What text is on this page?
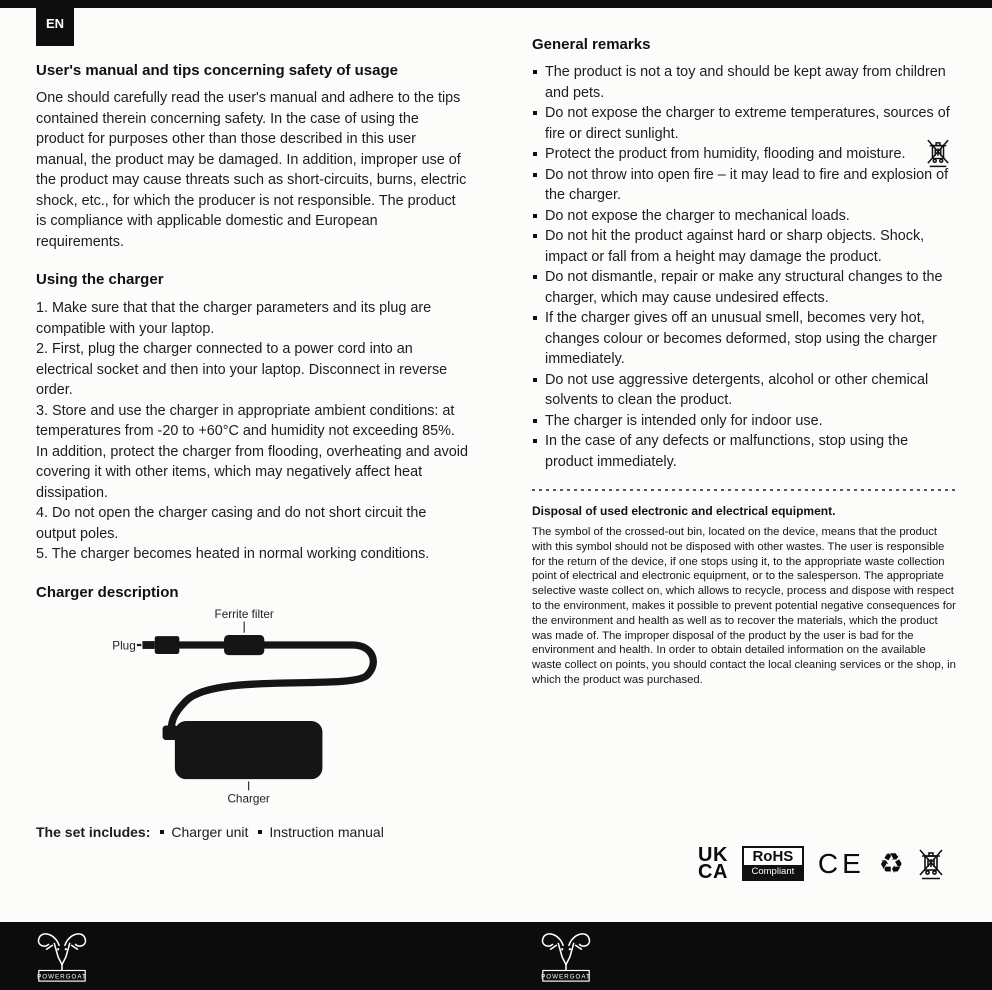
EN
User's manual and tips concerning safety of usage

One should carefully read the user's manual and adhere to the tips contained therein concerning safety. In the case of using the product for purposes other than those described in this user manual, the product may be damaged. In addition, improper use of the product may cause threats such as short-circuits, burns, electric shock, etc., for which the producer is not responsible. The product is compliance with applicable domestic and European requirements.

Using the charger

1. Make sure that that the charger parameters and its plug are compatible with your laptop.

2. First, plug the charger connected to a power cord into an electrical socket and then into your laptop. Disconnect in reverse order.

3. Store and use the charger in appropriate ambient conditions: at temperatures from -20 to +60°C and humidity not exceeding 85%. In addition, protect the charger from flooding, overheating and avoid covering it with other items, which may negatively affect heat dissipation.

4. Do not open the charger casing and do not short circuit the output poles.

5. The charger becomes heated in normal working conditions.

Charger description
Ferrite filter
Plug
Charger
The set includes:	Charger unit	Instruction manual
General remarks
The product is not a toy and should be kept away from children and pets.
Do not expose the charger to extreme temperatures, sources of fire or direct sunlight.
Protect the product from humidity, flooding and moisture.
Do not throw into open fire – it may lead to fire and explosion of the charger.
Do not expose the charger to mechanical loads.
Do not hit the product against hard or sharp objects. Shock, impact or fall from a height may damage the product.
Do not dismantle, repair or make any structural changes to the charger, which may cause undesired effects.
If the charger gives off an unusual smell, becomes very hot, changes colour or becomes deformed, stop using the charger immediately.
Do not use aggressive detergents, alcohol or other chemical solvents to clean the product.
The charger is intended only for indoor use.
In the case of any defects or malfunctions, stop using the product immediately.
Disposal of used electronic and electrical equipment.

The symbol of the crossed-out bin, located on the device, means that the product with this symbol should not be disposed with other wastes. The user is responsible for the return of the device, if one stops using it, to the appropriate waste collection point of electrical and electronic equipment, or to the salesperson. The appropriate selective waste collect on, which allows to recycle, process and dispose with respect to the environment, makes it possible to prevent potential negative consequences for the environment and health as well as to recover the materials, which the product was made of. The improper disposal of the product by the user is bad for the environment and health. In order to obtain detailed information on the available waste collect on points, you should contact the local cleaning services or the shop, in which the product was purchased.

UK
CA
RoHS
Compliant CE ♻
POWERGOAT	POWERGOAT
